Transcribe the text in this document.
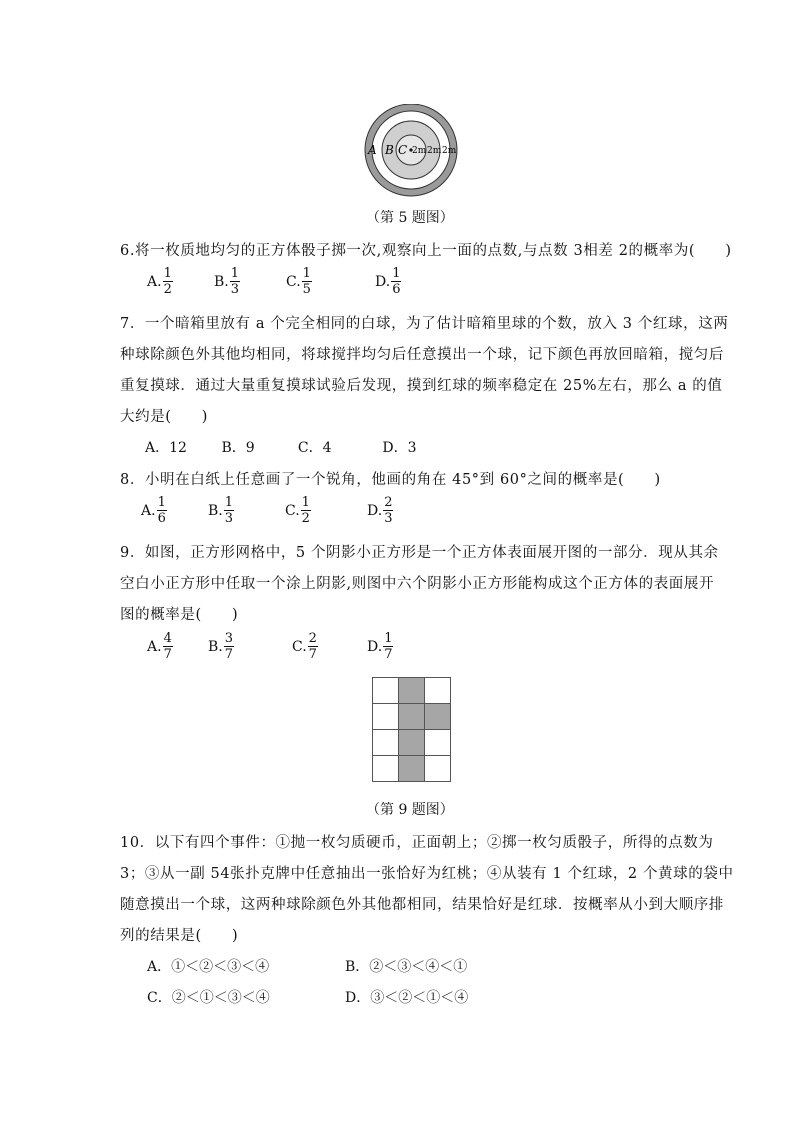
A B C 2m 2m 2m
（第 5 题图）
6.将一枚质地均匀的正方体骰子掷一次,观察向上一面的点数,与点数 3相差 2的概率为(　　)
A. $\frac{1}{2}$	B. $\frac{1}{3}$	C. $\frac{1}{5}$	D. $\frac{1}{6}$
7．一个暗箱里放有 a 个完全相同的白球，为了估计暗箱里球的个数，放入 3 个红球，这两
种球除颜色外其他均相同，将球搅拌均匀后任意摸出一个球，记下颜色再放回暗箱，搅匀后
重复摸球．通过大量重复摸球试验后发现，摸到红球的频率稳定在 25%左右，那么 a 的值
大约是(　　)
A．12 B．9	C．4	D．3
8．小明在白纸上任意画了一个锐角，他画的角在 45°到 60°之间的概率是(　　)
A. $\frac{1}{6}$	B. $\frac{1}{3}$	C. $\frac{1}{2}$	D. $\frac{2}{3}$
9．如图，正方形网格中，5 个阴影小正方形是一个正方体表面展开图的一部分．现从其余
空白小正方形中任取一个涂上阴影,则图中六个阴影小正方形能构成这个正方体的表面展开
图的概率是(　　)
A. $\frac{4}{7}$	B. $\frac{3}{7}$	C. $\frac{2}{7}$	D. $\frac{1}{7}$

（第 9 题图）
10．以下有四个事件：①抛一枚匀质硬币，正面朝上；②掷一枚匀质骰子，所得的点数为
3；③从一副 54张扑克牌中任意抽出一张恰好为红桃；④从装有 1 个红球，2 个黄球的袋中
随意摸出一个球，这两种球除颜色外其他都相同，结果恰好是红球．按概率从小到大顺序排
列的结果是(　　)
A．①＜②＜③＜④	B．②＜③＜④＜①
C．②＜①＜③＜④	D．③＜②＜①＜④
